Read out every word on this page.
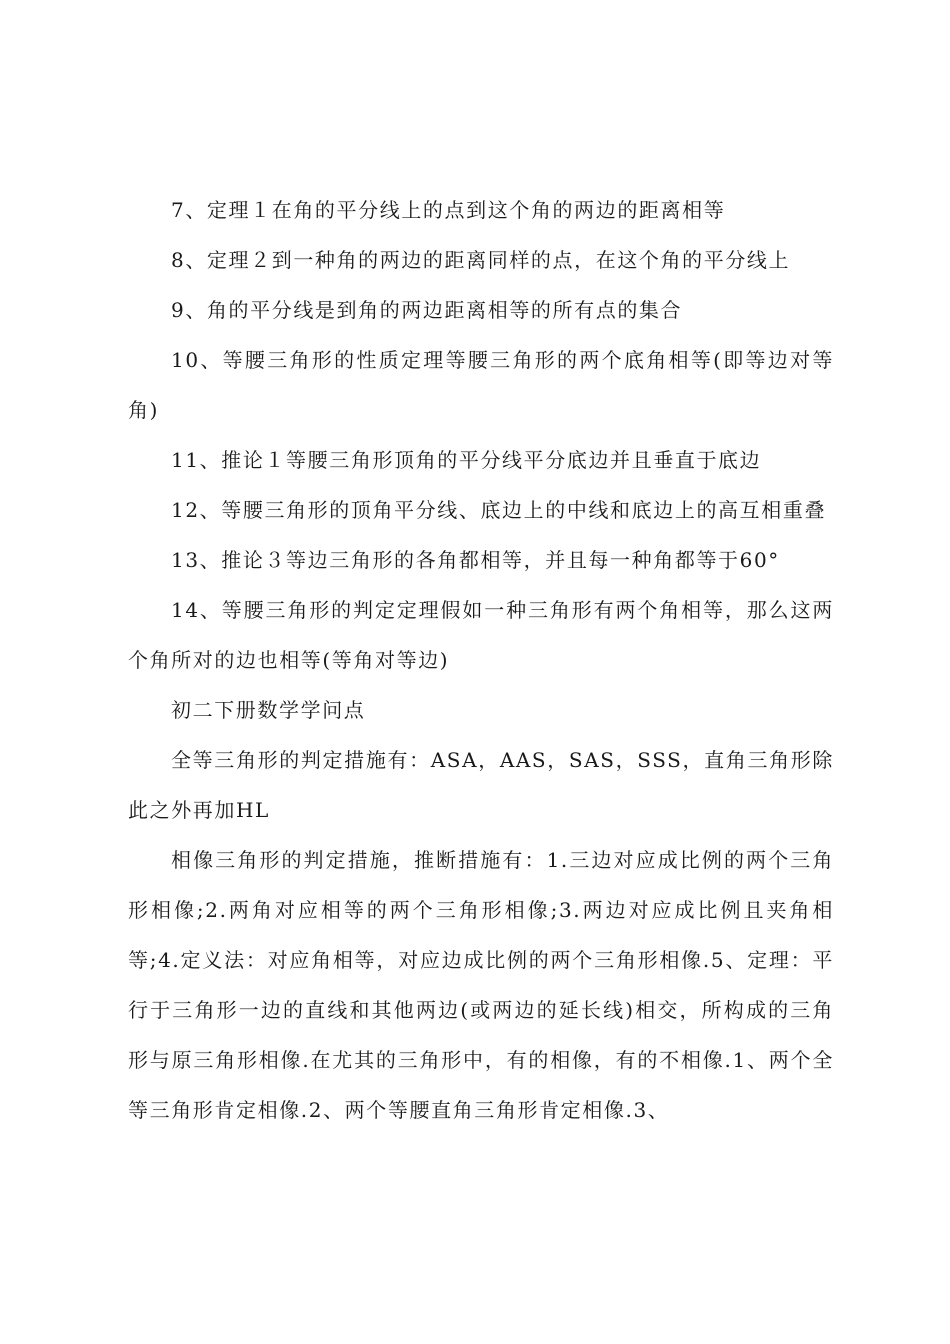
7、定理１在角的平分线上的点到这个角的两边的距离相等

8、定理２到一种角的两边的距离同样的点，在这个角的平分线上

9、角的平分线是到角的两边距离相等的所有点的集合

10、等腰三角形的性质定理等腰三角形的两个底角相等(即等边对等角)

11、推论１等腰三角形顶角的平分线平分底边并且垂直于底边

12、等腰三角形的顶角平分线、底边上的中线和底边上的高互相重叠

13、推论３等边三角形的各角都相等，并且每一种角都等于60°

14、等腰三角形的判定定理假如一种三角形有两个角相等，那么这两个角所对的边也相等(等角对等边)

初二下册数学学问点

全等三角形的判定措施有：ASA，AAS，SAS，SSS，直角三角形除此之外再加HL

相像三角形的判定措施，推断措施有：1.三边对应成比例的两个三角形相像;2.两角对应相等的两个三角形相像;3.两边对应成比例且夹角相等;4.定义法：对应角相等，对应边成比例的两个三角形相像.5、定理：平行于三角形一边的直线和其他两边(或两边的延长线)相交，所构成的三角形与原三角形相像.在尤其的三角形中，有的相像，有的不相像.1、两个全等三角形肯定相像.2、两个等腰直角三角形肯定相像.3、
